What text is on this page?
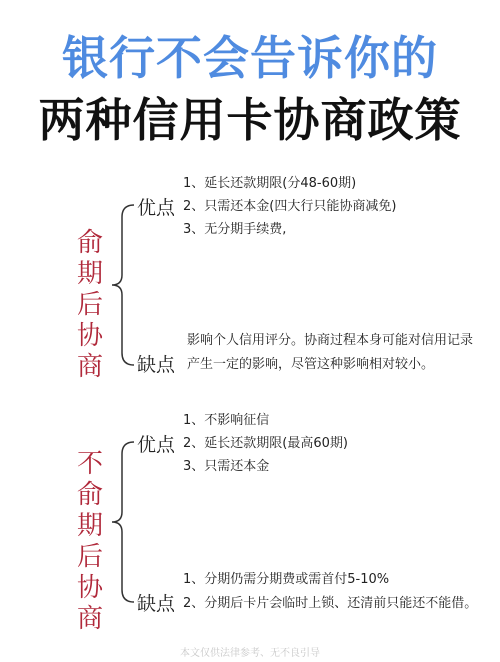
银行不会告诉你的
两种信用卡协商政策
俞
期
后
协
商
优点
1、延长还款期限(分48-60期)
2、只需还本金(四大行只能协商减免)
3、无分期手续费,
缺点
影响个人信用评分。协商过程本身可能对信用记录产生一定的影响，尽管这种影响相对较小。
不
俞
期
后
协
商
优点
1、不影响征信
2、延长还款期限(最高60期)
3、只需还本金
缺点
1、分期仍需分期费或需首付5-10%
2、分期后卡片会临时上锁、还清前只能还不能借。
本文仅供法律参考、无不良引导
